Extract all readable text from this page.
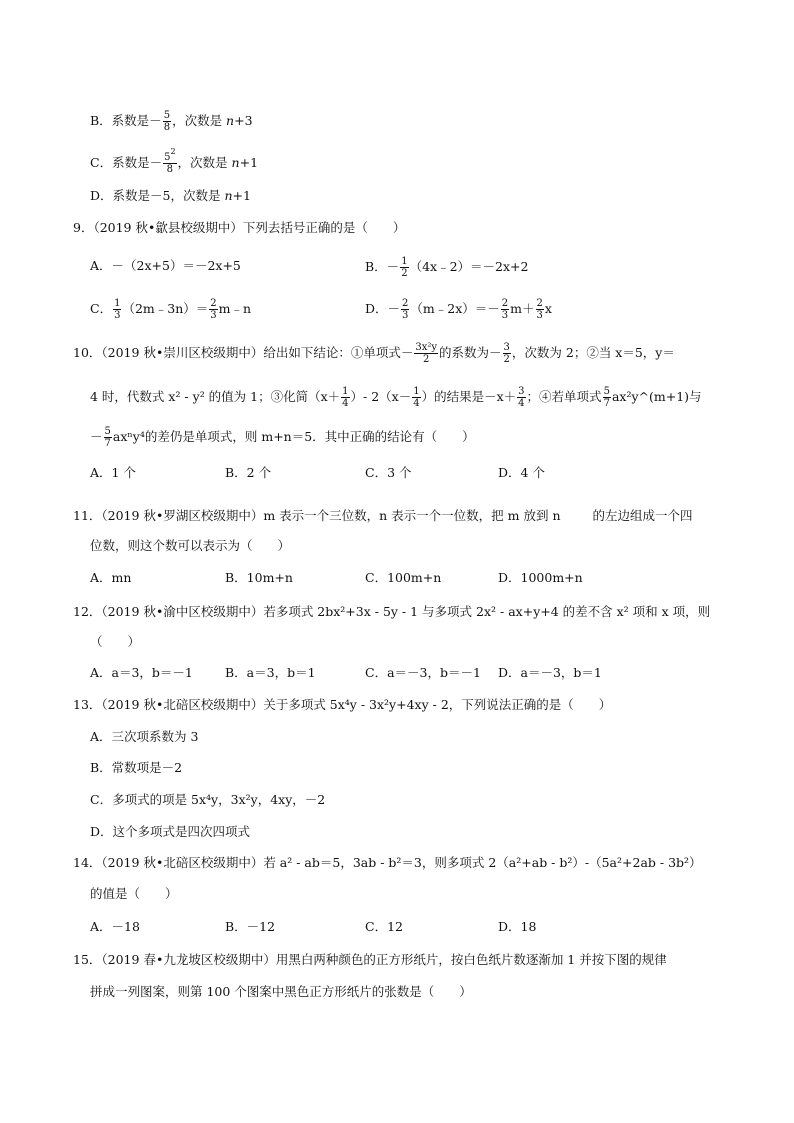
B．系数是－ $\frac{5}{8}$ ，次数是 n+3
C．系数是－ $\frac{5^2}{8}$ ，次数是 n+1
D．系数是－5，次数是 n+1
9．（2019 秋•歙县校级期中）下列去括号正确的是（　　）
A．－（2x+5）＝－2x+5	B．－ $\frac{1}{2}$ （4x﹣2）＝－2x+2
C． $\frac{1}{3}$ （2m﹣3n）＝ $\frac{2}{3}$ m﹣n	D．－ $\frac{2}{3}$ （m﹣2x）＝－ $\frac{2}{3} m+ \frac{2}{3}$ x
10．（2019 秋•崇川区校级期中）给出如下结论：①单项式－ $\frac{\text{3x²y}}{2}$ 的系数为－ $\frac{3}{2}$ ，次数为 2；②当 x＝5，y＝
4 时，代数式 x² - y² 的值为 1；③化简（$x+ \frac{1}{4}$ ）- $2(x- \frac{1}{4}$ ）的结果是$-x+ \frac{3}{4}$ ；④若单项式 $\frac{5}{7}$ ax²y^(m+1)与
－ $\frac{5}{7} ax^ny^4$的差仍是单项式，则 m+n＝5．其中正确的结论有（　　）
A．1 个	B．2 个	C．3 个	D．4 个
11．（2019 秋•罗湖区校级期中）m 表示一个三位数，n 表示一个一位数，把 m 放到 n	的左边组成一个四
位数，则这个数可以表示为（　　）
A．mn	B．10m+n	C．100m+n	D．1000m+n
12．（2019 秋•渝中区校级期中）若多项式 2bx²+3x - 5y - 1 与多项式 2x² - ax+y+4 的差不含 x² 项和 x 项，则
（　　）
A．a＝3，b＝－1	B．a＝3，b＝1	C．a＝－3，b＝－1 D．a＝－3，b＝1
13．（2019 秋•北碚区校级期中）关于多项式 5x⁴y - 3x²y+4xy - 2，下列说法正确的是（　　）
A．三次项系数为 3
B．常数项是－2
C．多项式的项是 5x⁴y，3x²y，4xy，－2
D．这个多项式是四次四项式
14．（2019 秋•北碚区校级期中）若 a² - ab＝5，3ab - b²＝3，则多项式 2（a²+ab - b²）-（5a²+2ab - 3b²）
的值是（　　）
A．－18	B．－12	C．12	D．18
15．（2019 春•九龙坡区校级期中）用黑白两种颜色的正方形纸片，按白色纸片数逐渐加 1 并按下图的规律
拼成一列图案，则第 100 个图案中黑色正方形纸片的张数是（　　）
